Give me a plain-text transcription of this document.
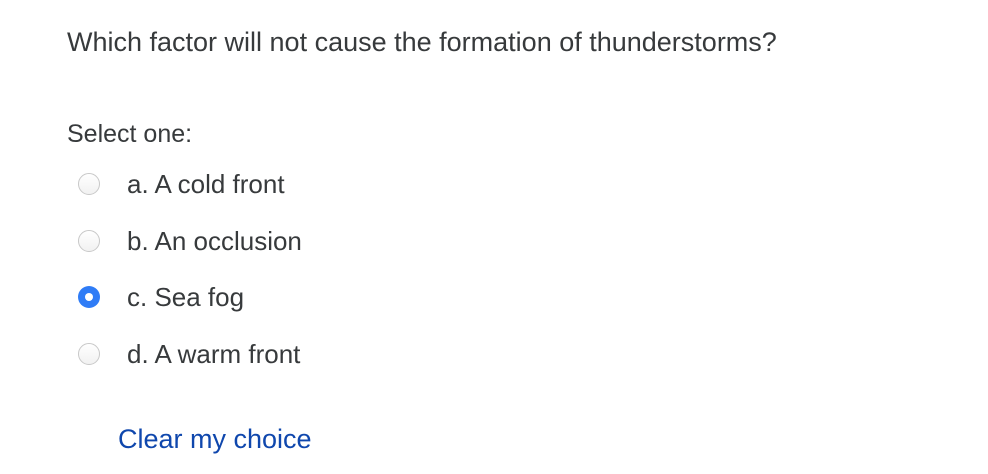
Which factor will not cause the formation of thunderstorms?
Select one:
a. A cold front
b. An occlusion
c. Sea fog
d. A warm front
Clear my choice
